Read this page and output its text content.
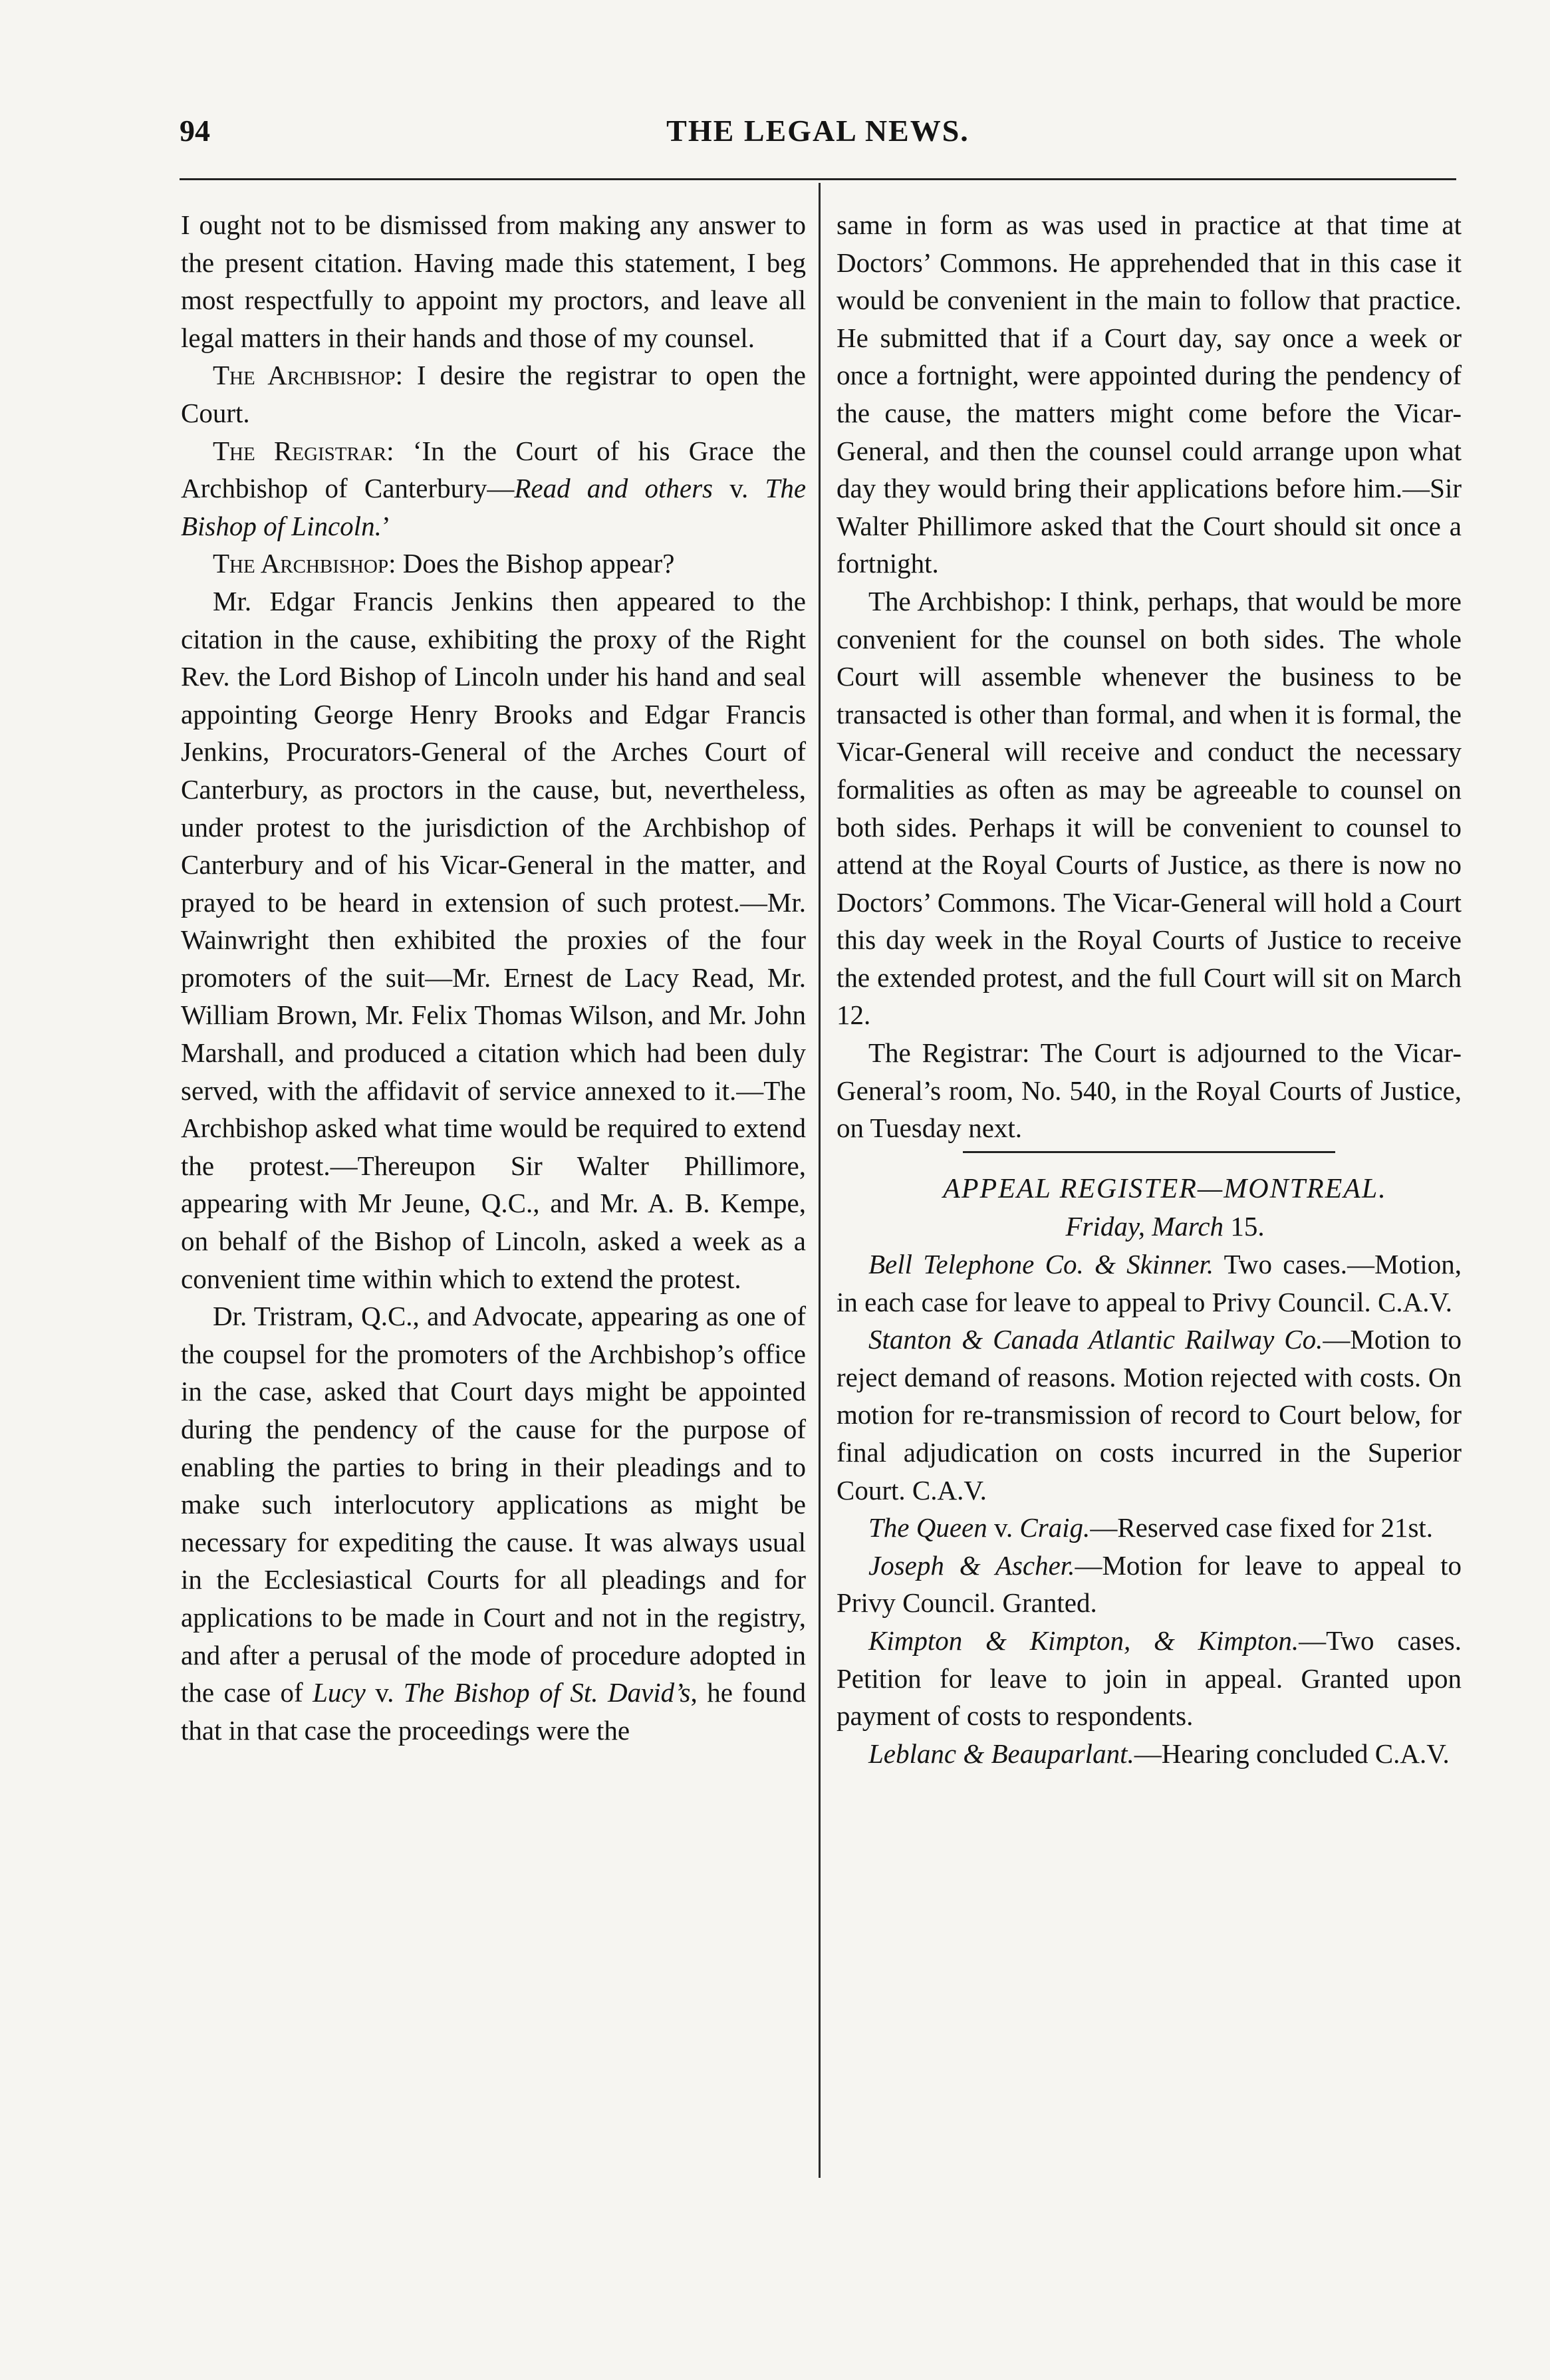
94	THE LEGAL NEWS.

I ought not to be dismissed from making any answer to the present citation. Having made this statement, I beg most respectfully to appoint my proctors, and leave all legal matters in their hands and those of my counsel.

The Archbishop: I desire the registrar to open the Court.

The Registrar: ‘In the Court of his Grace the Archbishop of Canterbury—Read and others v. The Bishop of Lincoln.’

The Archbishop: Does the Bishop appear?

Mr. Edgar Francis Jenkins then appeared to the citation in the cause, exhibiting the proxy of the Right Rev. the Lord Bishop of Lincoln under his hand and seal appointing George Henry Brooks and Edgar Francis Jenkins, Procurators-General of the Arches Court of Canterbury, as proctors in the cause, but, nevertheless, under protest to the jurisdiction of the Archbishop of Canterbury and of his Vicar-General in the matter, and prayed to be heard in extension of such protest.—Mr. Wainwright then exhibited the proxies of the four promoters of the suit—Mr. Ernest de Lacy Read, Mr. William Brown, Mr. Felix Thomas Wilson, and Mr. John Marshall, and produced a citation which had been duly served, with the affidavit of service annexed to it.—The Archbishop asked what time would be required to extend the protest.—Thereupon Sir Walter Phillimore, appearing with Mr Jeune, Q.C., and Mr. A. B. Kempe, on behalf of the Bishop of Lincoln, asked a week as a convenient time within which to extend the protest.

Dr. Tristram, Q.C., and Advocate, appearing as one of the coupsel for the promoters of the Archbishop’s office in the case, asked that Court days might be appointed during the pendency of the cause for the purpose of enabling the parties to bring in their pleadings and to make such interlocutory applications as might be necessary for expediting the cause. It was always usual in the Ecclesiastical Courts for all pleadings and for applications to be made in Court and not in the registry, and after a perusal of the mode of procedure adopted in the case of Lucy v. The Bishop of St. David’s, he found that in that case the proceedings were the

same in form as was used in practice at that time at Doctors’ Commons. He apprehended that in this case it would be convenient in the main to follow that practice. He submitted that if a Court day, say once a week or once a fortnight, were appointed during the pendency of the cause, the matters might come before the Vicar-General, and then the counsel could arrange upon what day they would bring their applications before him.—Sir Walter Phillimore asked that the Court should sit once a fortnight.

The Archbishop: I think, perhaps, that would be more convenient for the counsel on both sides. The whole Court will assemble whenever the business to be transacted is other than formal, and when it is formal, the Vicar-General will receive and conduct the necessary formalities as often as may be agreeable to counsel on both sides. Perhaps it will be convenient to counsel to attend at the Royal Courts of Justice, as there is now no Doctors’ Commons. The Vicar-General will hold a Court this day week in the Royal Courts of Justice to receive the extended protest, and the full Court will sit on March 12.

The Registrar: The Court is adjourned to the Vicar-General’s room, No. 540, in the Royal Courts of Justice, on Tuesday next.

APPEAL REGISTER—MONTREAL.

Friday, March 15.

Bell Telephone Co. & Skinner. Two cases.—Motion, in each case for leave to appeal to Privy Council. C.A.V.

Stanton & Canada Atlantic Railway Co.—Motion to reject demand of reasons. Motion rejected with costs. On motion for re-transmission of record to Court below, for final adjudication on costs incurred in the Superior Court. C.A.V.

The Queen v. Craig.—Reserved case fixed for 21st.

Joseph & Ascher.—Motion for leave to appeal to Privy Council. Granted.

Kimpton & Kimpton, & Kimpton.—Two cases. Petition for leave to join in appeal. Granted upon payment of costs to respondents.

Leblanc & Beauparlant.—Hearing concluded C.A.V.
